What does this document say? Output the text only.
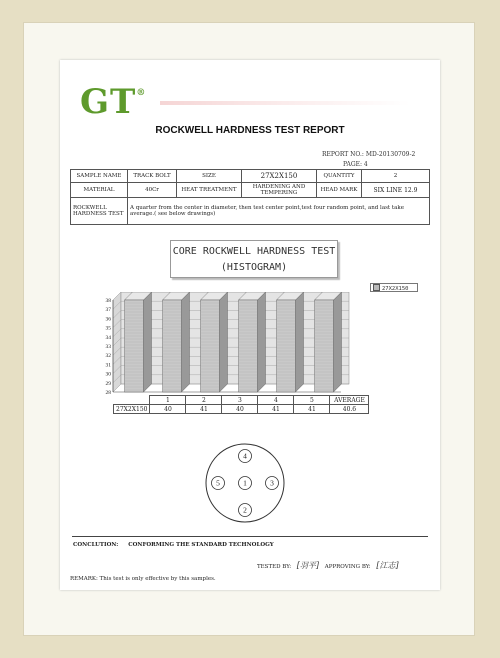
GT®
ROCKWELL HARDNESS TEST REPORT
REPORT NO.: MD-20130709-2
PAGE: 4
SAMPLE NAME	TRACK BOLT	SIZE	27X2X150	QUANTITY	2
MATERIAL	40Cr	HEAT TREATMENT	HARDENING AND TEMPERING	HEAD MARK	SIX LINE 12.9
ROCKWELL HARDNESS TEST	A quarter from the center in diameter, then test center point,test four random point, and last take average.( see below drawings)				
CORE ROCKWELL HARDNESS TEST
(HISTOGRAM)
27X2X150
28
29
30
31
32
33
34
35
36
37
38
	1	2	3	4	5	AVERAGE
27X2X150	40	41	40	41	41	40.6
4
5	1	3
2
CONCLUTION: CONFORMING THE STANDARD TECHNOLOGY
TESTED BY: [羽平] APPROVING BY: [江志]
REMARK: This test is only effective by this samples.
